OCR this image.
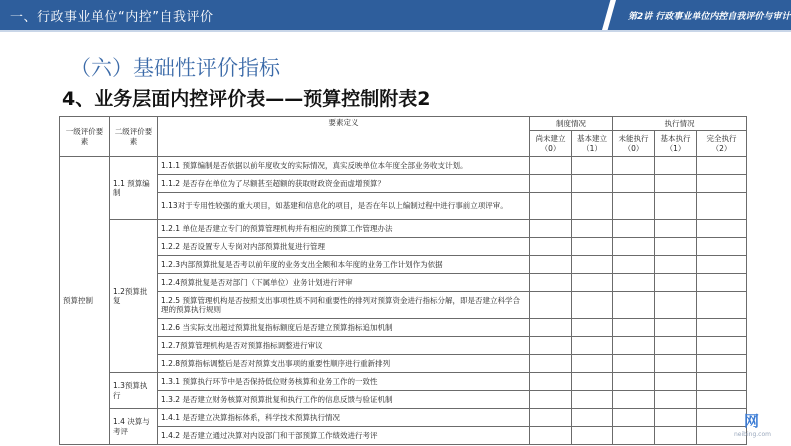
一、行政事业单位“内控”自我评价	第2讲 行政事业单位内控自我评价与审计
（六）基础性评价指标
4、业务层面内控评价表——预算控制附表2
一级评价要素	二级评价要素	要素定义	制度情况		执行情况		
			尚未建立（0）	基本建立（1）	未能执行（0）	基本执行（1）	完全执行（2）
预算控制	1.1 预算编制	1.1.1 预算编制是否依据以前年度收支的实际情况，真实反映单位本年度全部业务收支计划。					
		1.1.2 是否存在单位为了尽额甚至超额的获取财政资金而虚增预算？					
		1.13对于专用性较强的重大项目，如基建和信息化的项目，是否在年以上编制过程中进行事前立项评审。					
	1.2预算批复	1.2.1 单位是否建立专门的预算管理机构并有相应的预算工作管理办法					
		1.2.2 是否设置专人专岗对内部预算批复进行管理					
		1.2.3内部预算批复是否考以前年度的业务支出全额和本年度的业务工作计划作为依据					
		1.2.4预算批复是否对部门（下属单位）业务计划进行评审					
		1.2.5 预算管理机构是否按照支出事项性质不同和重要性的排列对预算资金进行指标分解，即是否建立科学合理的预算执行规则					
		1.2.6 当实际支出超过预算批复指标额度后是否建立预算指标追加机制					
		1.2.7预算管理机构是否对预算指标调整进行审议					
		1.2.8预算指标调整后是否对预算支出事项的重要性顺序进行重新排列					
	1.3预算执行	1.3.1 预算执行环节中是否保持低位财务核算和业务工作的一致性					
		1.3.2 是否建立财务核算对预算批复和执行工作的信息反馈与验证机制					
	1.4 决算与考评	1.4.1 是否建立决算指标体系，科学技术预算执行情况					
		1.4.2 是否建立通过决算对内设部门和干部预算工作绩效进行考评					
网
neibing.com
